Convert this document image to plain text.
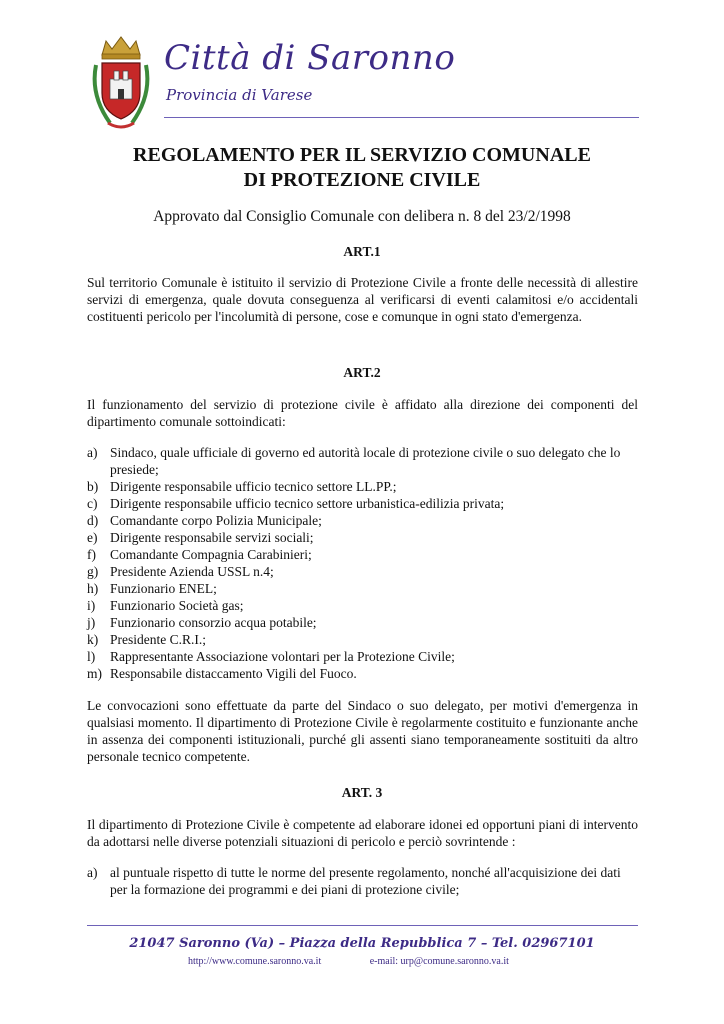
Città di Saronno
Provincia di Varese
REGOLAMENTO PER IL SERVIZIO COMUNALE
DI PROTEZIONE CIVILE
Approvato dal Consiglio Comunale con delibera n. 8 del 23/2/1998
ART.1
Sul territorio Comunale è istituito il servizio di Protezione Civile a fronte delle necessità di allestire servizi di emergenza, quale dovuta conseguenza al verificarsi di eventi calamitosi e/o accidentali costituenti pericolo per l'incolumità di persone, cose e comunque in ogni stato d'emergenza.
ART.2
Il funzionamento del servizio di protezione civile è affidato alla direzione dei componenti del dipartimento comunale sottoindicati:
a) Sindaco, quale ufficiale di governo ed autorità locale di protezione civile o suo delegato che lo presiede;
b) Dirigente responsabile ufficio tecnico settore LL.PP.;
c) Dirigente responsabile ufficio tecnico settore urbanistica-edilizia privata;
d) Comandante corpo Polizia Municipale;
e) Dirigente responsabile servizi sociali;
f) Comandante Compagnia Carabinieri;
g) Presidente Azienda USSL n.4;
h) Funzionario ENEL;
i) Funzionario Società gas;
j) Funzionario consorzio acqua potabile;
k) Presidente C.R.I.;
l) Rappresentante Associazione volontari per la Protezione Civile;
m) Responsabile distaccamento Vigili del Fuoco.
Le convocazioni sono effettuate da parte del Sindaco o suo delegato, per motivi d'emergenza in qualsiasi momento. Il dipartimento di Protezione Civile è regolarmente costituito e funzionante anche in assenza dei componenti istituzionali, purché gli assenti siano temporaneamente sostituiti da altro personale tecnico competente.
ART. 3
Il dipartimento di Protezione Civile è competente ad elaborare idonei ed opportuni piani di intervento da adottarsi nelle diverse potenziali situazioni di pericolo e perciò sovrintende :
a) al puntuale rispetto di tutte le norme del presente regolamento, nonché all'acquisizione dei dati per la formazione dei programmi e dei piani di protezione civile;
21047 Saronno (Va) – Piazza della Repubblica 7 – Tel. 02967101
http://www.comune.saronno.va.it	e-mail: urp@comune.saronno.va.it
